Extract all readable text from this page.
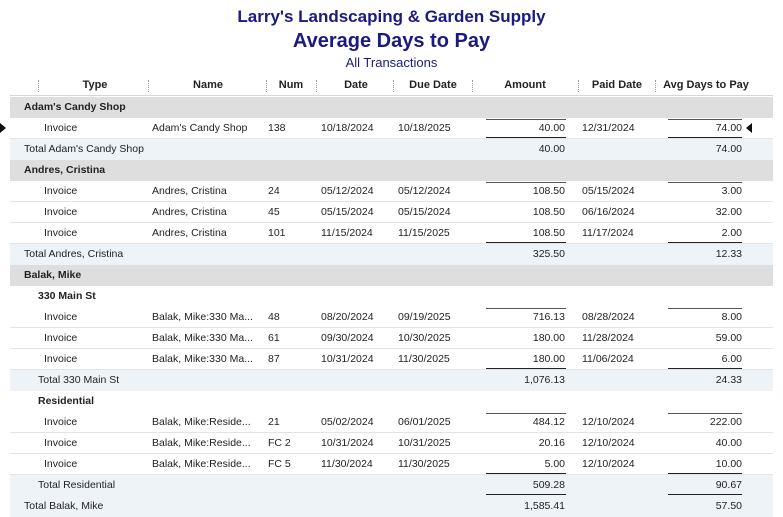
Larry's Landscaping & Garden Supply
Average Days to Pay
All Transactions
Type	Name	Num	Date	Due Date	Amount	Paid Date	Avg Days to Pay
Adam's Candy Shop
Invoice	Adam's Candy Shop	138	10/18/2024	10/18/2025	40.00 12/31/2024	74.00
Total Adam's Candy Shop	40.00	74.00
Andres, Cristina
Invoice	Andres, Cristina	24	05/12/2024	05/12/2024	108.50 05/15/2024	3.00
Invoice	Andres, Cristina	45	05/15/2024	05/15/2024	108.50 06/16/2024	32.00
Invoice	Andres, Cristina	101	11/15/2024	11/15/2025	108.50 11/17/2024	2.00
Total Andres, Cristina	325.50	12.33
Balak, Mike
330 Main St
Invoice	Balak, Mike:330 Ma...	48	08/20/2024	09/19/2025	716.13 08/28/2024	8.00
Invoice	Balak, Mike:330 Ma...	61	09/30/2024	10/30/2025	180.00 11/28/2024	59.00
Invoice	Balak, Mike:330 Ma...	87	10/31/2024	11/30/2025	180.00 11/06/2024	6.00
Total 330 Main St	1,076.13	24.33
Residential
Invoice	Balak, Mike:Reside...	21	05/02/2024	06/01/2025	484.12 12/10/2024	222.00
Invoice	Balak, Mike:Reside...	FC 2	10/31/2024	10/31/2025	20.16 12/10/2024	40.00
Invoice	Balak, Mike:Reside...	FC 5	11/30/2024	11/30/2025	5.00 12/10/2024	10.00
Total Residential	509.28	90.67
Total Balak, Mike	1,585.41	57.50
